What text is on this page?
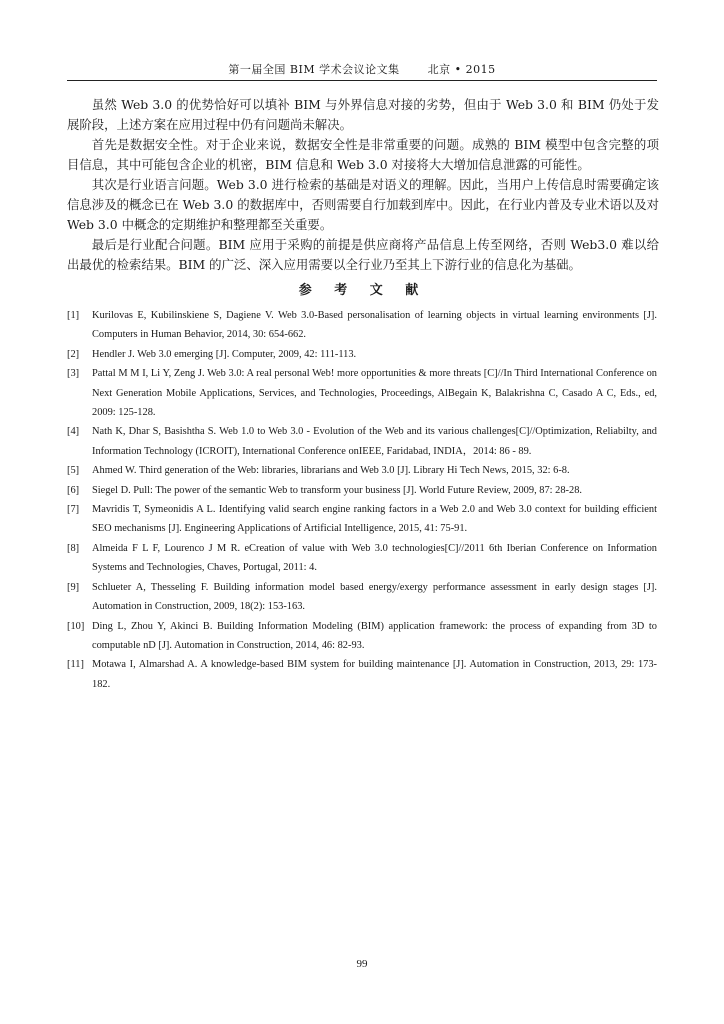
第一届全国 BIM 学术会议论文集	北京 • 2015

虽然 Web 3.0 的优势恰好可以填补 BIM 与外界信息对接的劣势，但由于 Web 3.0 和 BIM 仍处于发展阶段，上述方案在应用过程中仍有问题尚未解决。

首先是数据安全性。对于企业来说，数据安全性是非常重要的问题。成熟的 BIM 模型中包含完整的项目信息，其中可能包含企业的机密，BIM 信息和 Web 3.0 对接将大大增加信息泄露的可能性。

其次是行业语言问题。Web 3.0 进行检索的基础是对语义的理解。因此，当用户上传信息时需要确定该信息涉及的概念已在 Web 3.0 的数据库中，否则需要自行加载到库中。因此，在行业内普及专业术语以及对 Web 3.0 中概念的定期维护和整理都至关重要。

最后是行业配合问题。BIM 应用于采购的前提是供应商将产品信息上传至网络，否则 Web3.0 难以给出最优的检索结果。BIM 的广泛、深入应用需要以全行业乃至其上下游行业的信息化为基础。

参 考 文 献
[1]	Kurilovas E, Kubilinskiene S, Dagiene V. Web 3.0-Based personalisation of learning objects in virtual learning environments [J]. Computers in Human Behavior, 2014, 30: 654-662.
[2]	Hendler J. Web 3.0 emerging [J]. Computer, 2009, 42: 111-113.
[3]	Pattal M M I, Li Y, Zeng J. Web 3.0: A real personal Web! more opportunities & more threats [C]//In Third International Conference on Next Generation Mobile Applications, Services, and Technologies, Proceedings, AlBegain K, Balakrishna C, Casado A C, Eds., ed, 2009: 125-128.
[4]	Nath K, Dhar S, Basishtha S. Web 1.0 to Web 3.0 - Evolution of the Web and its various challenges[C]//Optimization, Reliabilty, and Information Technology (ICROIT), International Conference onIEEE, Faridabad, INDIA，2014: 86 - 89.
[5]	Ahmed W. Third generation of the Web: libraries, librarians and Web 3.0 [J]. Library Hi Tech News, 2015, 32: 6-8.
[6]	Siegel D. Pull: The power of the semantic Web to transform your business [J]. World Future Review, 2009, 87: 28-28.
[7]	Mavridis T, Symeonidis A L. Identifying valid search engine ranking factors in a Web 2.0 and Web 3.0 context for building efficient SEO mechanisms [J]. Engineering Applications of Artificial Intelligence, 2015, 41: 75-91.
[8]	Almeida F L F, Lourenco J M R. eCreation of value with Web 3.0 technologies[C]//2011 6th Iberian Conference on Information Systems and Technologies, Chaves, Portugal, 2011: 4.
[9]	Schlueter A, Thesseling F. Building information model based energy/exergy performance assessment in early design stages [J]. Automation in Construction, 2009, 18(2): 153-163.
[10] Ding L, Zhou Y, Akinci B. Building Information Modeling (BIM) application framework: the process of expanding from 3D to computable nD [J]. Automation in Construction, 2014, 46: 82-93.
[11] Motawa I, Almarshad A. A knowledge-based BIM system for building maintenance [J]. Automation in Construction, 2013, 29: 173-182.
99
